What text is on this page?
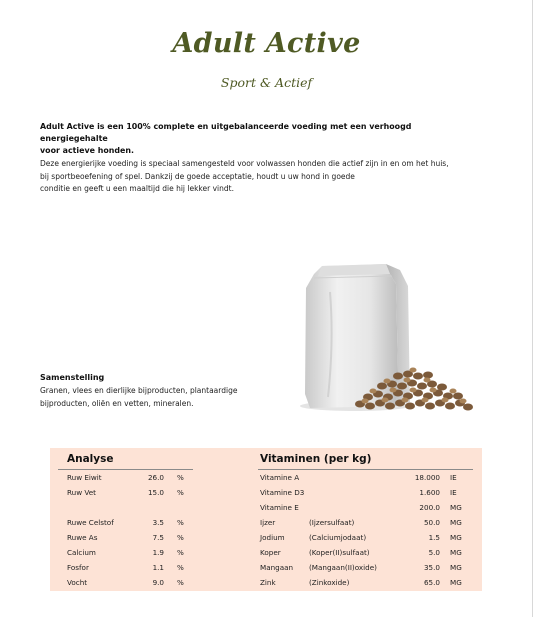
Adult Active
Sport & Actief
Adult Active is een 100% complete en uitgebalanceerde voeding met een verhoogd energiegehalte
voor actieve honden.
Deze energierijke voeding is speciaal samengesteld voor volwassen honden die actief zijn in en om het huis,
bij sportbeoefening of spel. Dankzij de goede acceptatie, houdt u uw hond in goede
conditie en geeft u een maaltijd die hij lekker vindt.
Samenstelling
Granen, vlees en dierlijke bijproducten, plantaardige
bijproducten, oliën en vetten, mineralen.
Analyse	Vitaminen (per kg)
Ruw Eiwit	26.0 %
Ruw Vet	15.0 %
Ruwe Celstof	3.5 %
Ruwe As	7.5 %
Calcium	1.9 %
Fosfor	1.1 %
Vocht	9.0 %
Vitamine A	18.000 IE
Vitamine D3	1.600 IE
Vitamine E	200.0 MG
Ijzer	(Ijzersulfaat)	50.0 MG
Jodium	(Calciumjodaat)	1.5 MG
Koper	(Koper(II)sulfaat)	5.0 MG
Mangaan (Mangaan(II)oxide)	35.0 MG
Zink	(Zinkoxide)	65.0 MG
